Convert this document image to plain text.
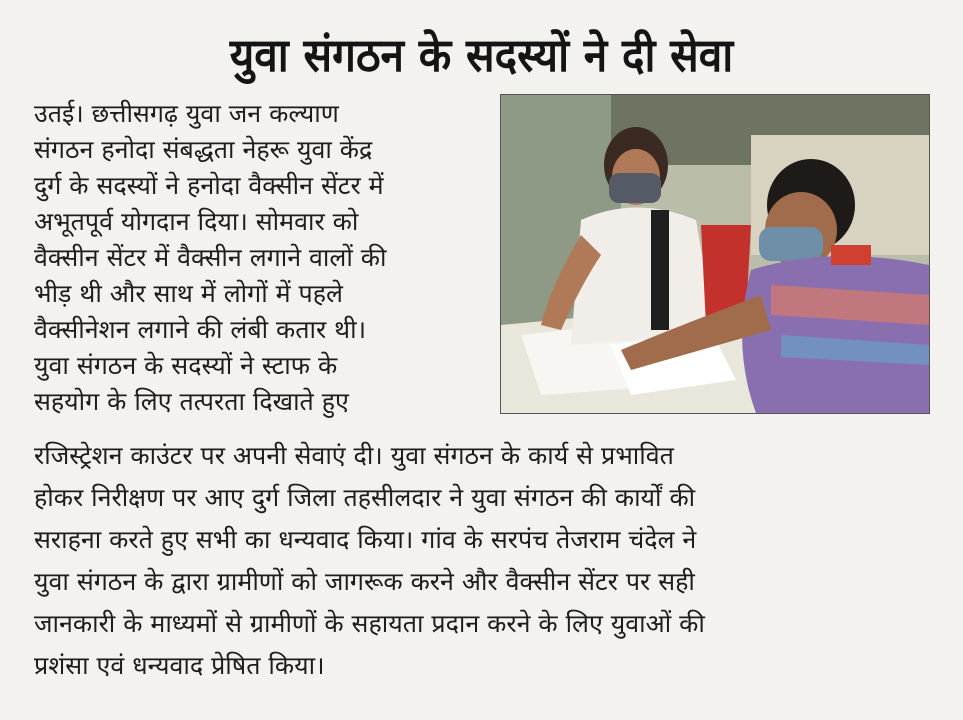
युवा संगठन के सदस्यों ने दी सेवा
उतई। छत्तीसगढ़ युवा जन कल्याण
संगठन हनोदा संबद्धता नेहरू युवा केंद्र
दुर्ग के सदस्यों ने हनोदा वैक्सीन सेंटर में
अभूतपूर्व योगदान दिया। सोमवार को
वैक्सीन सेंटर में वैक्सीन लगाने वालों की
भीड़ थी और साथ में लोगों में पहले
वैक्सीनेशन लगाने की लंबी कतार थी।
युवा संगठन के सदस्यों ने स्टाफ के
सहयोग के लिए तत्परता दिखाते हुए
रजिस्ट्रेशन काउंटर पर अपनी सेवाएं दी। युवा संगठन के कार्य से प्रभावित
होकर निरीक्षण पर आए दुर्ग जिला तहसीलदार ने युवा संगठन की कार्यों की
सराहना करते हुए सभी का धन्यवाद किया। गांव के सरपंच तेजराम चंदेल ने
युवा संगठन के द्वारा ग्रामीणों को जागरूक करने और वैक्सीन सेंटर पर सही
जानकारी के माध्यमों से ग्रामीणों के सहायता प्रदान करने के लिए युवाओं की
प्रशंसा एवं धन्यवाद प्रेषित किया।
